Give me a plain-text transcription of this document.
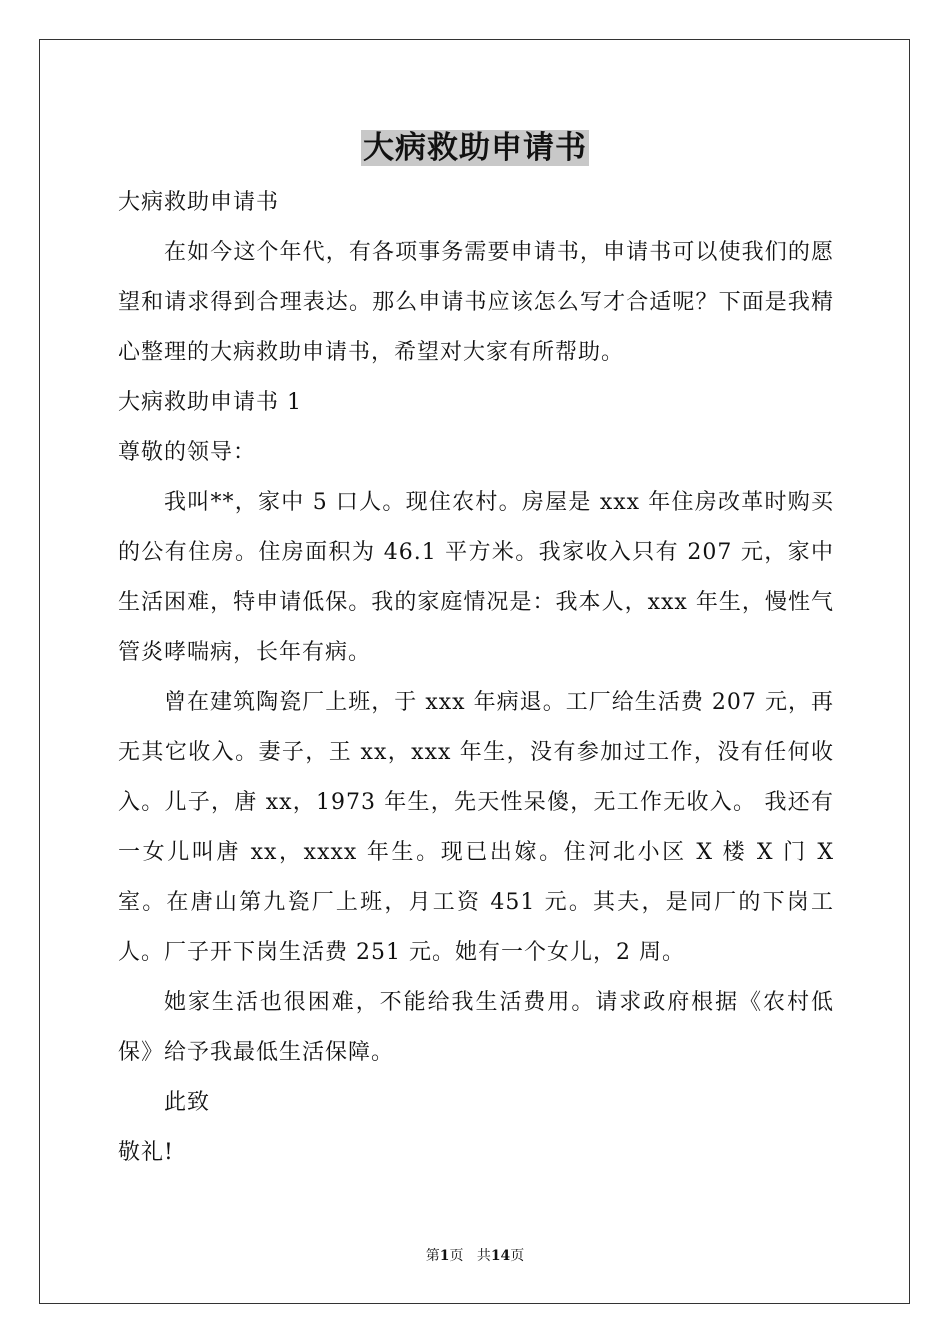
大病救助申请书

大病救助申请书

在如今这个年代，有各项事务需要申请书，申请书可以使我们的愿望和请求得到合理表达。那么申请书应该怎么写才合适呢？下面是我精心整理的大病救助申请书，希望对大家有所帮助。

大病救助申请书 1

尊敬的领导：

我叫**，家中 5 口人。现住农村。房屋是 xxx 年住房改革时购买的公有住房。住房面积为 46.1 平方米。我家收入只有 207 元，家中生活困难，特申请低保。我的家庭情况是：我本人，xxx 年生，慢性气管炎哮喘病，长年有病。

曾在建筑陶瓷厂上班，于 xxx 年病退。工厂给生活费 207 元，再无其它收入。妻子，王 xx，xxx 年生，没有参加过工作，没有任何收入。儿子，唐 xx，1973 年生，先天性呆傻，无工作无收入。 我还有一女儿叫唐 xx，xxxx 年生。现已出嫁。住河北小区 X 楼 X 门 X 室。在唐山第九瓷厂上班，月工资 451 元。其夫，是同厂的下岗工人。厂子开下岗生活费 251 元。她有一个女儿，2 周。

她家生活也很困难，不能给我生活费用。请求政府根据《农村低保》给予我最低生活保障。

此致

敬礼!

第1页 共14页
